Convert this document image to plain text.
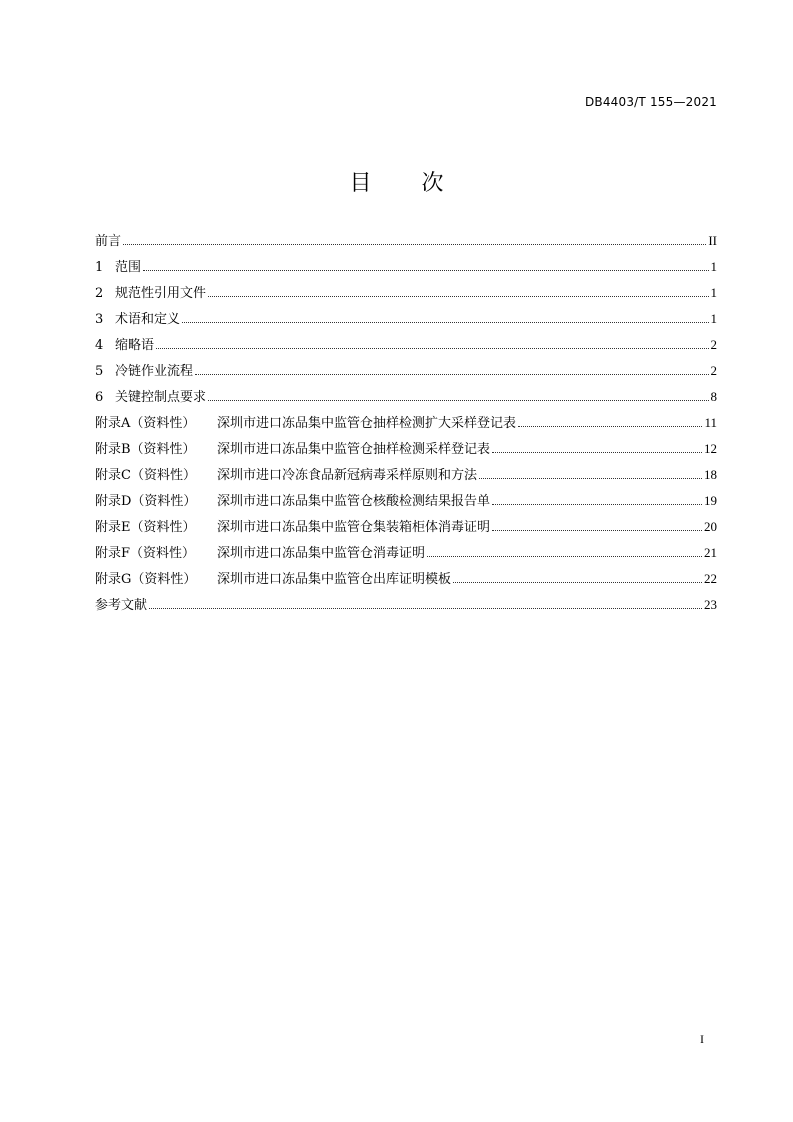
DB4403/T 155—2021
目 次
前言	II
1 范围	1
2 规范性引用文件	1
3 术语和定义	1
4 缩略语	2
5 冷链作业流程	2
6 关键控制点要求	8
附录A（资料性） 深圳市进口冻品集中监管仓抽样检测扩大采样登记表	11
附录B（资料性） 深圳市进口冻品集中监管仓抽样检测采样登记表	12
附录C（资料性） 深圳市进口冷冻食品新冠病毒采样原则和方法	18
附录D（资料性） 深圳市进口冻品集中监管仓核酸检测结果报告单	19
附录E（资料性） 深圳市进口冻品集中监管仓集装箱柜体消毒证明	20
附录F（资料性） 深圳市进口冻品集中监管仓消毒证明	21
附录G（资料性） 深圳市进口冻品集中监管仓出库证明模板	22
参考文献	23
I
